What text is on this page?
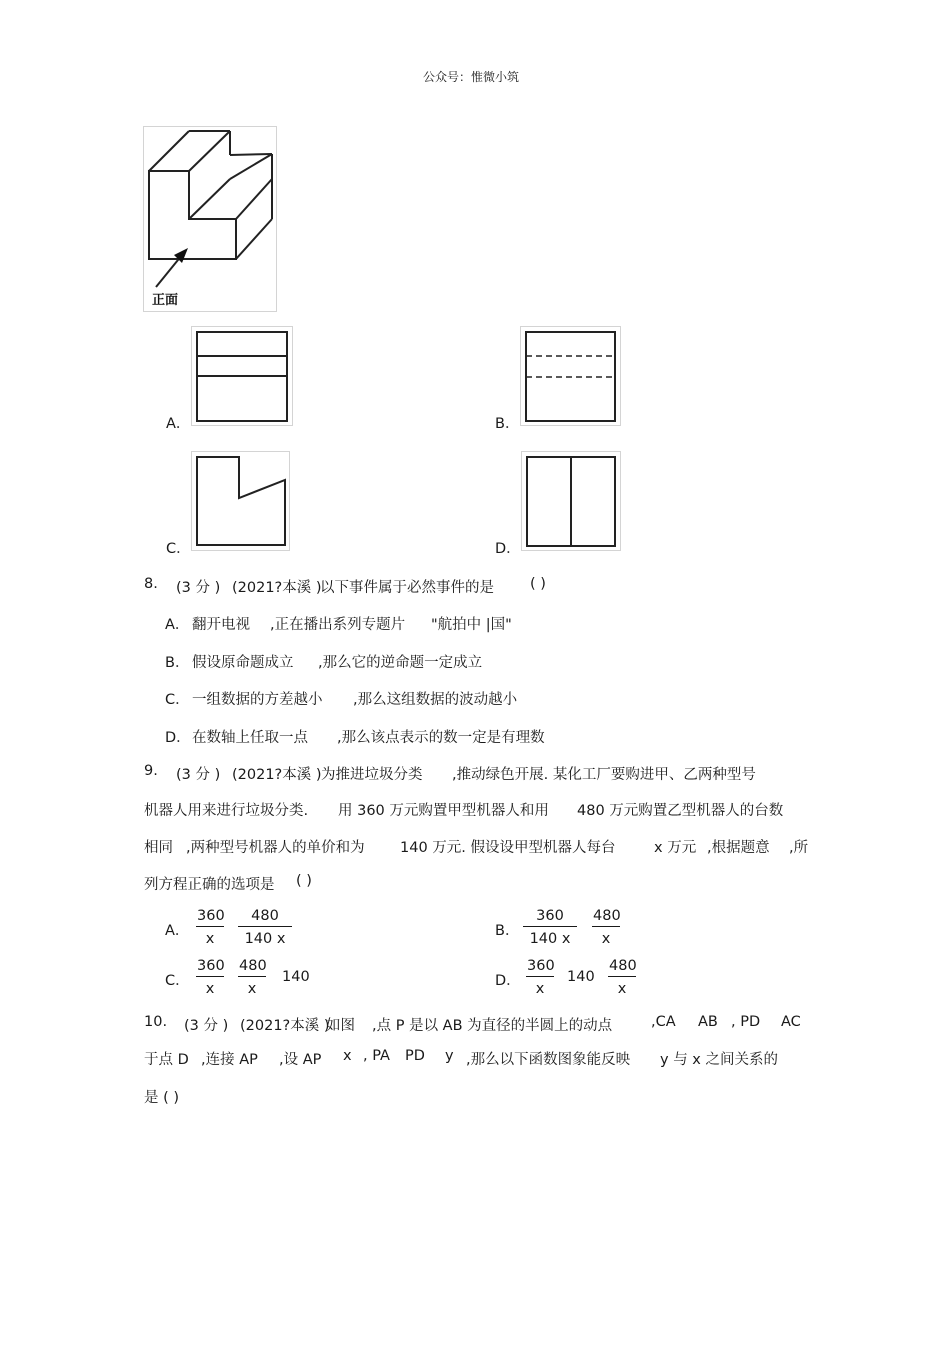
公众号：惟微小筑
正面
A．	B．
C．	D．
8. (3 分 ) (2021?本溪 )
以下事件属于必然事件的是 ( )
A． 翻开电视 ,正在播出系列专题片 "航拍中 |国"
B． 假设原命题成立 ,那么它的逆命题一定成立
C． 一组数据的方差越小 ,那么这组数据的波动越小
D． 在数轴上任取一点 ,那么该点表示的数一定是有理数
9. (3 分 ) (2021?本溪 ) 为推进垃圾分类 ,推动绿色开展. 某化工厂要购进甲、乙两种型号
机器人用来进行垃圾分类. 用 360 万元购置甲型机器人和用 480 万元购置乙型机器人的台数
相同 ,两种型号机器人的单价和为 140 万元. 假设设甲型机器人每台	x 万元 ,根据题意 ,所
列方程正确的选项是 ( )
A． $\frac{360}{x} \frac{480}{140 x}$	B． $\frac{360}{140 x} \frac{480}{x}$
C． $\frac{360}{x} \frac{480}{x} 140$	D． $\frac{360}{x} 140 \frac{480}{x}$
10. (3 分 ) (2021?本溪 )
如图 ,点 P 是以 AB 为直径的半圆上的动点	,CA AB , PD AC
于点 D ,连接 AP ,设 AP x , PA PD y ,那么以下函数图象能反映 y 与 x 之间关系的
是 ( )
